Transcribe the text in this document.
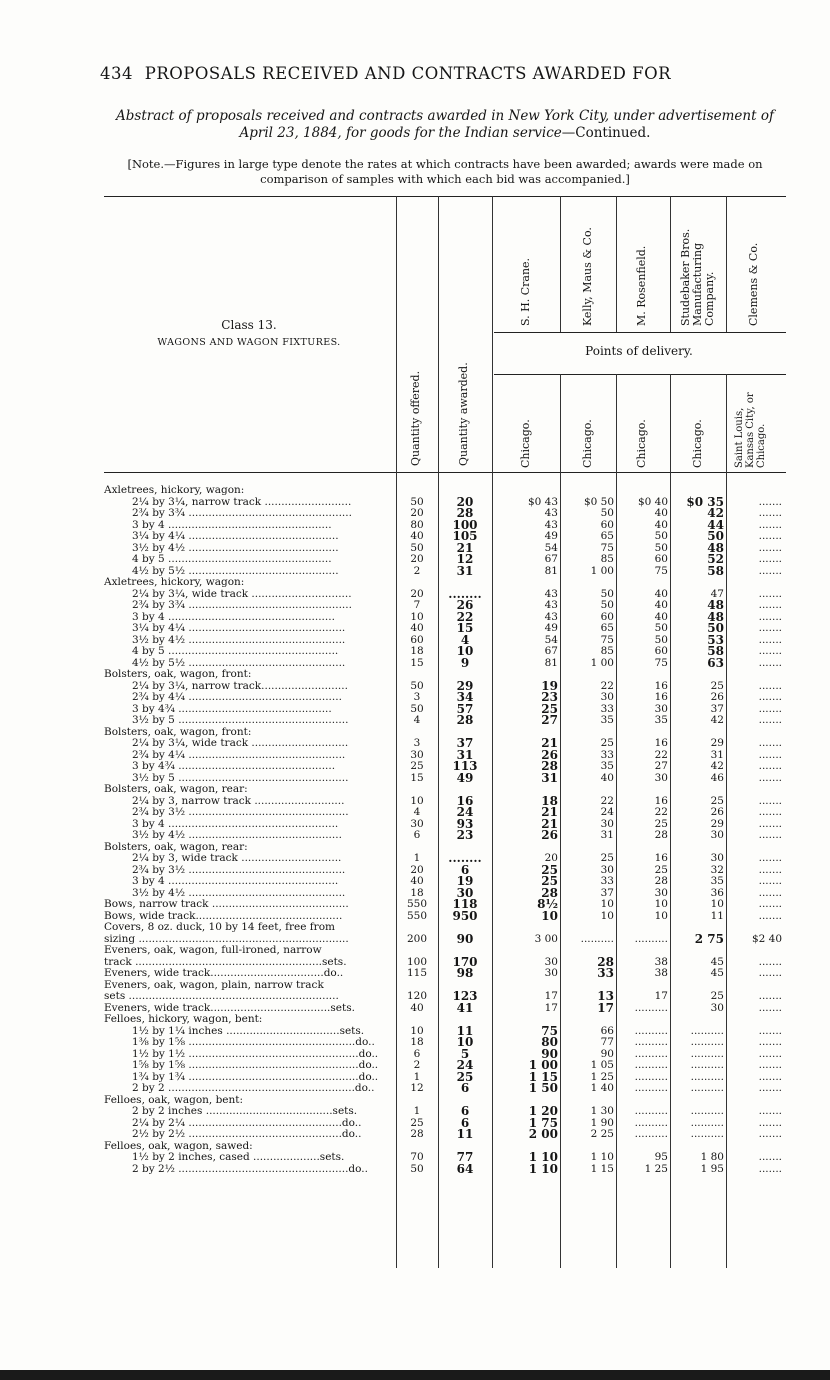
434 PROPOSALS RECEIVED AND CONTRACTS AWARDED FOR
Abstract of proposals received and contracts awarded in New York City, under advertisement of April 23, 1884, for goods for the Indian service—Continued.
[Note.—Figures in large type denote the rates at which contracts have been awarded; awards were made on comparison of samples with which each bid was accompanied.]
Class 13.
WAGONS AND WAGON FIXTURES.
Quantity offered.	Quantity awarded.
S. H. Crane.	Kelly, Maus & Co.	M. Rosenfield.	Studebaker Bros. Manufacturing Company.	Clemens & Co.
Points of delivery.
Chicago.	Chicago.	Chicago.	Chicago.	Saint Louis, Kansas City, or Chicago.
Axletrees, hickory, wagon:
2¼ by 3¼, narrow track ..........................	50	20	$0 43	$0 50	$0 40	$0 35	.......
2¾ by 3¾ .................................................	20	28	43	50	40	42	.......
3 by 4 .................................................	80	100	43	60	40	44	.......
3¼ by 4¼ .............................................	40	105	49	65	50	50	.......
3½ by 4½ .............................................	50	21	54	75	50	48	.......
4 by 5 .................................................	20	12	67	85	60	52	.......
4½ by 5½ .............................................	2	31	81	1 00	75	58	.......
Axletrees, hickory, wagon:
2¼ by 3¼, wide track ..............................	20	........	43	50	40	47	.......
2¾ by 3¾ .................................................	7	26	43	50	40	48	.......
3 by 4 ..................................................	10	22	43	60	40	48	.......
3¼ by 4¼ ...............................................	40	15	49	65	50	50	.......
3½ by 4½ ...............................................	60	4	54	75	50	53	.......
4 by 5 ...................................................	18	10	67	85	60	58	.......
4½ by 5½ ...............................................	15	9	81	1 00	75	63	.......
Bolsters, oak, wagon, front:
2¼ by 3¼, narrow track..........................	50	29	19	22	16	25	.......
2¾ by 4¼ ..............................................	3	34	23	30	16	26	.......
3 by 4¾ ..............................................	50	57	25	33	30	37	.......
3½ by 5 ...................................................	4	28	27	35	35	42	.......
Bolsters, oak, wagon, front:
2¼ by 3¼, wide track .............................	3	37	21	25	16	29	.......
2¾ by 4¼ ...............................................	30	31	26	33	22	31	.......
3 by 4¾ ...............................................	25	113	28	35	27	42	.......
3½ by 5 ...................................................	15	49	31	40	30	46	.......
Bolsters, oak, wagon, rear:
2¼ by 3, narrow track ...........................	10	16	18	22	16	25	.......
2¾ by 3½ ................................................	4	24	21	24	22	26	.......
3 by 4 ...................................................	30	93	21	30	25	29	.......
3½ by 4½ ..............................................	6	23	26	31	28	30	.......
Bolsters, oak, wagon, rear:
2¼ by 3, wide track ..............................	1	........	20	25	16	30	.......
2¾ by 3½ ...............................................	20	6	25	30	25	32	.......
3 by 4 ...................................................	40	19	25	33	28	35	.......
3½ by 4½ ...............................................	18	30	28	37	30	36	.......
Bows, narrow track .........................................	550	118	8½	10	10	10	.......
Bows, wide track............................................	550	950	10	10	10	11	.......
Covers, 8 oz. duck, 10 by 14 feet, free from
sizing ...............................................................	200	90	3 00	..........	..........	2 75	$2 40
Eveners, oak, wagon, full-ironed, narrow
track ........................................................sets.	100	170	30	28	38	45	.......
Eveners, wide track..................................do..	115	98	30	33	38	45	.......
Eveners, oak, wagon, plain, narrow track
sets ...............................................................	120	123	17	13	17	25	.......
Eveners, wide track....................................sets.	40	41	17	17	..........	30	.......
Felloes, hickory, wagon, bent:
1½ by 1¼ inches ..................................sets.	10	11	75	66	..........	..........	.......
1⅜ by 1⅝ ..................................................do..	18	10	80	77	..........	..........	.......
1½ by 1½ ...................................................do..	6	5	90	90	..........	..........	.......
1⅝ by 1⅝ ...................................................do..	2	24	1 00	1 05	..........	..........	.......
1¾ by 1¾ ...................................................do..	1	25	1 15	1 25	..........	..........	.......
2 by 2 ........................................................do..	12	6	1 50	1 40	..........	..........	.......
Felloes, oak, wagon, bent:
2 by 2 inches ......................................sets.	1	6	1 20	1 30	..........	..........	.......
2¼ by 2¼ ..............................................do..	25	6	1 75	1 90	..........	..........	.......
2½ by 2½ ..............................................do..	28	11	2 00	2 25	..........	..........	.......
Felloes, oak, wagon, sawed:
1½ by 2 inches, cased ....................sets.	70	77	1 10	1 10	95	1 80	.......
2 by 2½ ...................................................do..	50	64	1 10	1 15	1 25	1 95	.......
